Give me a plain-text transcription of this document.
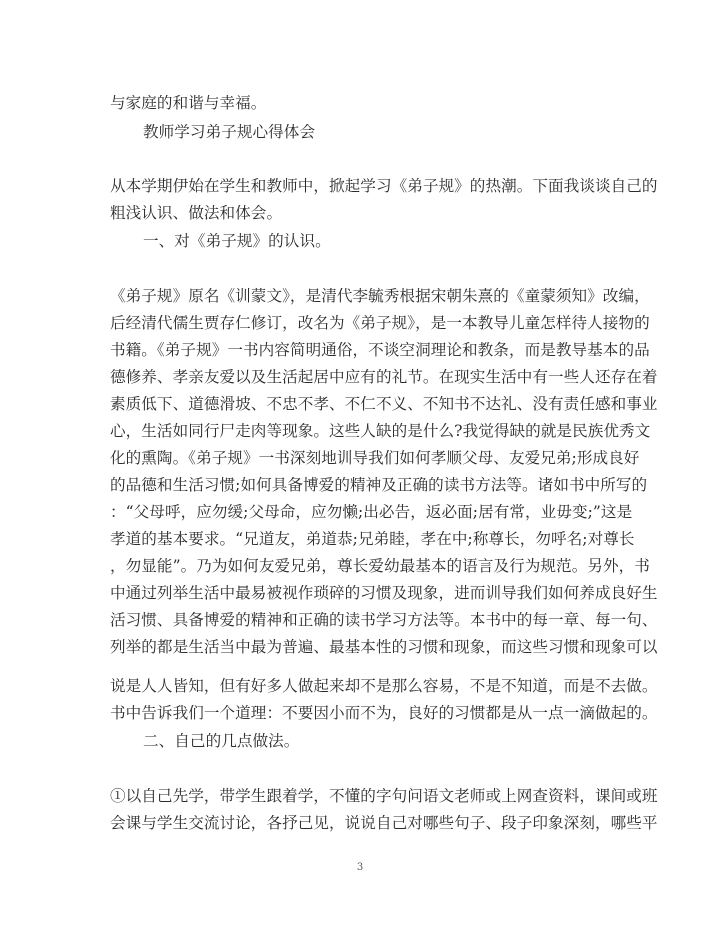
与家庭的和谐与幸福。
教师学习弟子规心得体会
从本学期伊始在学生和教师中，掀起学习《弟子规》的热潮。下面我谈谈自己的
粗浅认识、做法和体会。
一、对《弟子规》的认识。
《弟子规》原名《训蒙文》，是清代李毓秀根据宋朝朱熹的《童蒙须知》改编，
后经清代儒生贾存仁修订，改名为《弟子规》，是一本教导儿童怎样待人接物的
书籍。《弟子规》一书内容简明通俗，不谈空洞理论和教条，而是教导基本的品
德修养、孝亲友爱以及生活起居中应有的礼节。在现实生活中有一些人还存在着
素质低下、道德滑坡、不忠不孝、不仁不义、不知书不达礼、没有责任感和事业
心，生活如同行尸走肉等现象。这些人缺的是什么?我觉得缺的就是民族优秀文
化的熏陶。《弟子规》一书深刻地训导我们如何孝顺父母、友爱兄弟;形成良好
的品德和生活习惯;如何具备博爱的精神及正确的读书方法等。诸如书中所写的
：“父母呼，应勿缓;父母命，应勿懒;出必告，返必面;居有常，业毋变;”这是
孝道的基本要求。“兄道友，弟道恭;兄弟睦，孝在中;称尊长，勿呼名;对尊长
，勿显能”。乃为如何友爱兄弟，尊长爱幼最基本的语言及行为规范。另外，书
中通过列举生活中最易被视作琐碎的习惯及现象，进而训导我们如何养成良好生
活习惯、具备博爱的精神和正确的读书学习方法等。本书中的每一章、每一句、
列举的都是生活当中最为普遍、最基本性的习惯和现象，而这些习惯和现象可以
说是人人皆知，但有好多人做起来却不是那么容易，不是不知道，而是不去做。
书中告诉我们一个道理：不要因小而不为，良好的习惯都是从一点一滴做起的。
二、自己的几点做法。
①以自己先学，带学生跟着学，不懂的字句问语文老师或上网查资料，课间或班
会课与学生交流讨论，各抒己见，说说自己对哪些句子、段子印象深刻，哪些平
3
